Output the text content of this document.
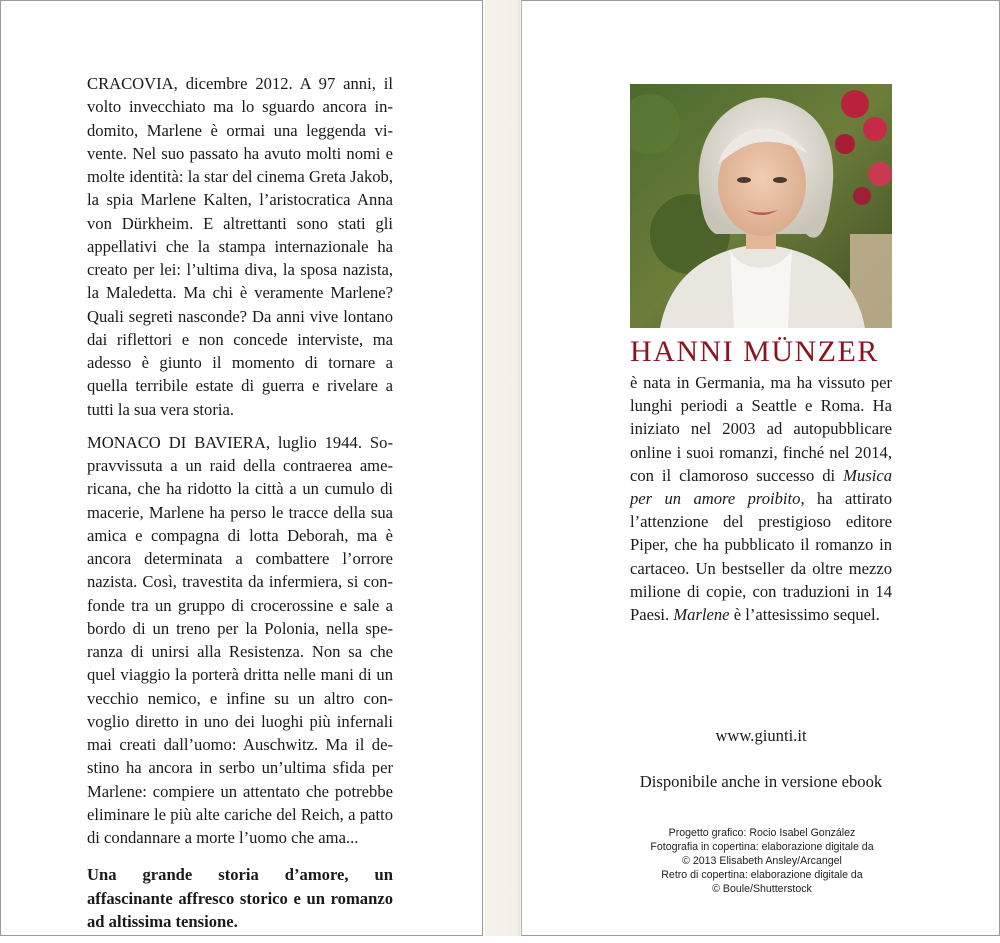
CRACOVIA, dicembre 2012. A 97 anni, il volto invecchiato ma lo sguardo ancora indomito, Marlene è ormai una leggenda vivente. Nel suo passato ha avuto molti nomi e molte identità: la star del cinema Greta Jakob, la spia Marlene Kalten, l’aristocratica Anna von Dürkheim. E altrettanti sono stati gli appellativi che la stampa internazionale ha creato per lei: l’ultima diva, la sposa nazista, la Maledetta. Ma chi è veramente Marlene? Quali segreti nasconde? Da anni vive lontano dai riflettori e non concede interviste, ma adesso è giunto il momento di tornare a quella terribile estate di guerra e rivelare a tutti la sua vera storia.

MONACO DI BAVIERA, luglio 1944. Sopravvissuta a un raid della contraerea americana, che ha ridotto la città a un cumulo di macerie, Marlene ha perso le tracce della sua amica e compagna di lotta Deborah, ma è ancora determinata a combattere l’orrore nazista. Così, travestita da infermiera, si confonde tra un gruppo di crocerossine e sale a bordo di un treno per la Polonia, nella speranza di unirsi alla Resistenza. Non sa che quel viaggio la porterà dritta nelle mani di un vecchio nemico, e infine su un altro convoglio diretto in uno dei luoghi più infernali mai creati dall’uomo: Auschwitz. Ma il destino ha ancora in serbo un’ultima sfida per Marlene: compiere un attentato che potrebbe eliminare le più alte cariche del Reich, a patto di condannare a morte l’uomo che ama...

Una grande storia d’amore, un affascinante affresco storico e un romanzo ad altissima tensione.

HANNI MÜNZER
è nata in Germania, ma ha vissuto per lunghi periodi a Seattle e Roma. Ha iniziato nel 2003 ad autopubblicare online i suoi romanzi, finché nel 2014, con il clamoroso successo di Musica per un amore proibito, ha attirato l’attenzione del prestigioso editore Piper, che ha pubblicato il romanzo in cartaceo. Un bestseller da oltre mezzo milione di copie, con traduzioni in 14 Paesi. Marlene è l’attesissimo sequel.
www.giunti.it
Disponibile anche in versione ebook
Progetto grafico: Rocio Isabel González
Fotografia in copertina: elaborazione digitale da
© 2013 Elisabeth Ansley/Arcangel
Retro di copertina: elaborazione digitale da
© Boule/Shutterstock
